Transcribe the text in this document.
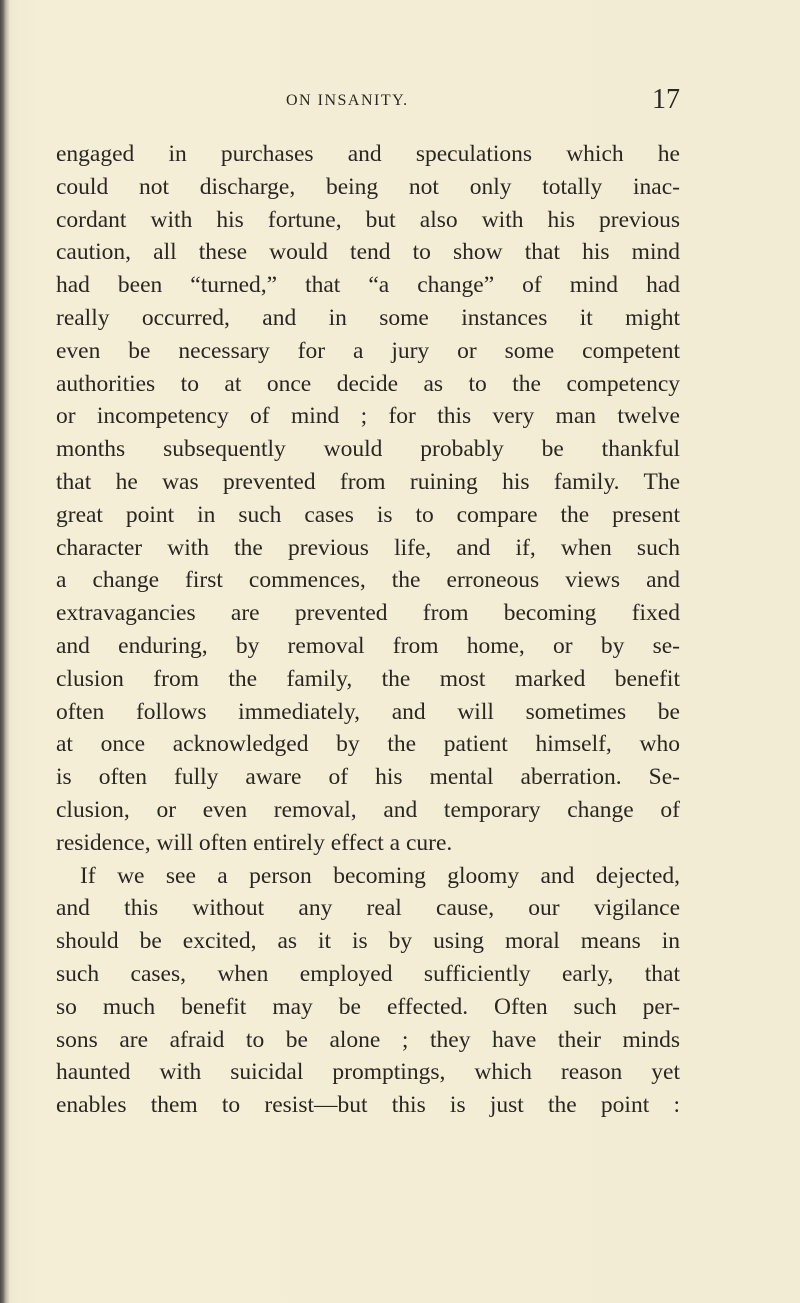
ON INSANITY.	17

engaged in purchases and speculations which he
could not discharge, being not only totally inac-
cordant with his fortune, but also with his previous
caution, all these would tend to show that his mind
had been “turned,” that “a change” of mind had
really occurred, and in some instances it might
even be necessary for a jury or some competent
authorities to at once decide as to the competency
or incompetency of mind ; for this very man twelve
months subsequently would probably be thankful
that he was prevented from ruining his family. The
great point in such cases is to compare the present
character with the previous life, and if, when such
a change first commences, the erroneous views and
extravagancies are prevented from becoming fixed
and enduring, by removal from home, or by se-
clusion from the family, the most marked benefit
often follows immediately, and will sometimes be
at once acknowledged by the patient himself, who
is often fully aware of his mental aberration. Se-
clusion, or even removal, and temporary change of
residence, will often entirely effect a cure.
If we see a person becoming gloomy and dejected,
and this without any real cause, our vigilance
should be excited, as it is by using moral means in
such cases, when employed sufficiently early, that
so much benefit may be effected. Often such per-
sons are afraid to be alone ; they have their minds
haunted with suicidal promptings, which reason yet
enables them to resist—but this is just the point :
